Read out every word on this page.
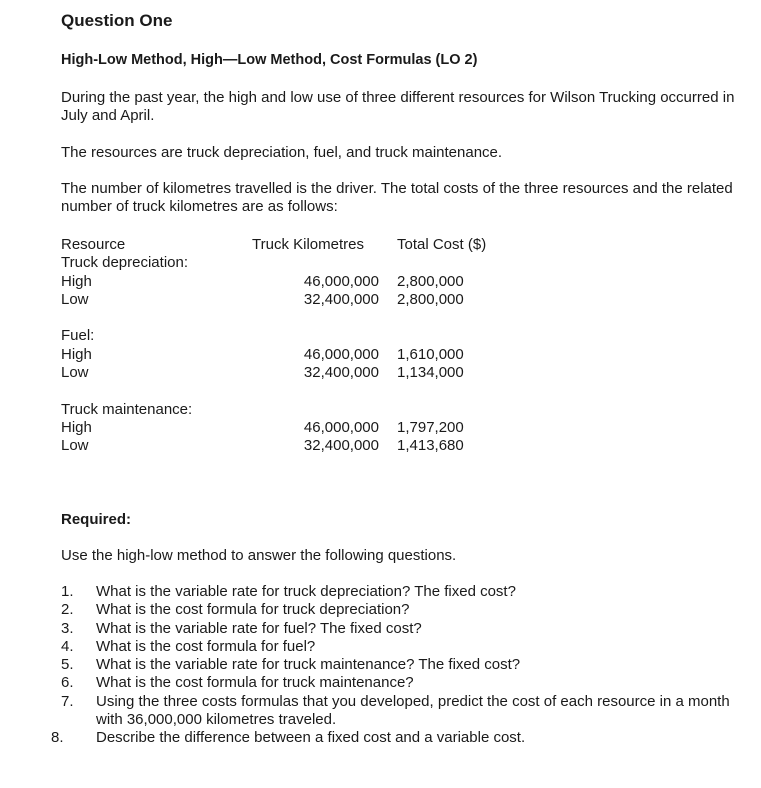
Question One
High-Low Method, High—Low Method, Cost Formulas (LO 2)

During the past year, the high and low use of three different resources for Wilson Trucking occurred in July and April.

The resources are truck depreciation, fuel, and truck maintenance.

The number of kilometres travelled is the driver. The total costs of the three resources and the related number of truck kilometres are as follows:

Resource	Truck Kilometres Total Cost ($)
Truck depreciation:
High	46,000,000 2,800,000
Low	32,400,000 2,800,000
Fuel:
High	46,000,000 1,610,000
Low	32,400,000 1,134,000
Truck maintenance:
High	46,000,000 1,797,200
Low	32,400,000 1,413,680

Required:

Use the high-low method to answer the following questions.

1. What is the variable rate for truck depreciation? The fixed cost?
2. What is the cost formula for truck depreciation?
3. What is the variable rate for fuel? The fixed cost?
4. What is the cost formula for fuel?
5. What is the variable rate for truck maintenance? The fixed cost?
6. What is the cost formula for truck maintenance?
7. Using the three costs formulas that you developed, predict the cost of each resource in a month with 36,000,000 kilometres traveled.
8. Describe the difference between a fixed cost and a variable cost.
